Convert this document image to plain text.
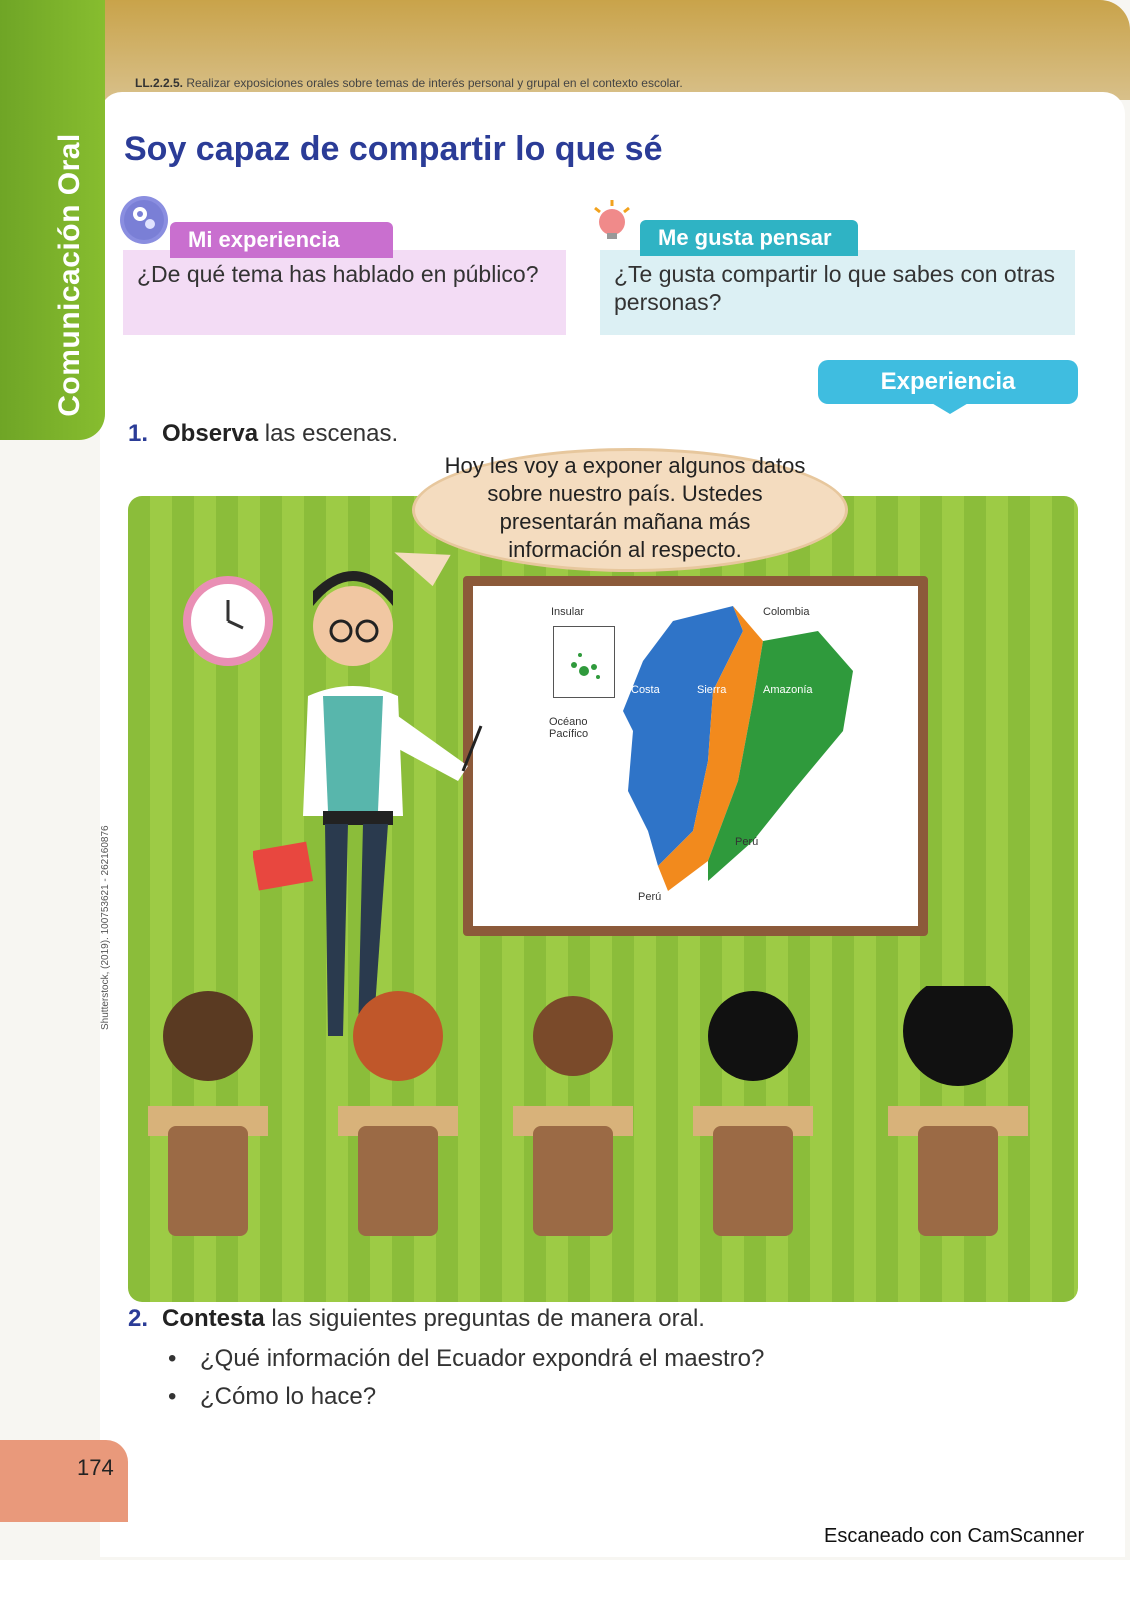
Comunicación Oral
LL.2.2.5. Realizar exposiciones orales sobre temas de interés personal y grupal en el contexto escolar.
Soy capaz de compartir lo que sé
¿De qué tema has hablado en público?
Mi experiencia
¿Te gusta compartir lo que sabes con otras personas?
Me gusta pensar
Experiencia
1. Observa las escenas.
Insular	Colombia
Océano Pacífico
Costa	Sierra	Amazonía
Perú
Perú
Hoy les voy a exponer algunos datos sobre nuestro país. Ustedes presentarán mañana más información al respecto.
Shutterstock, (2019). 100753621 - 262160876
2. Contesta las siguientes preguntas de manera oral.
• ¿Qué información del Ecuador expondrá el maestro?
• ¿Cómo lo hace?
174
Escaneado con CamScanner
